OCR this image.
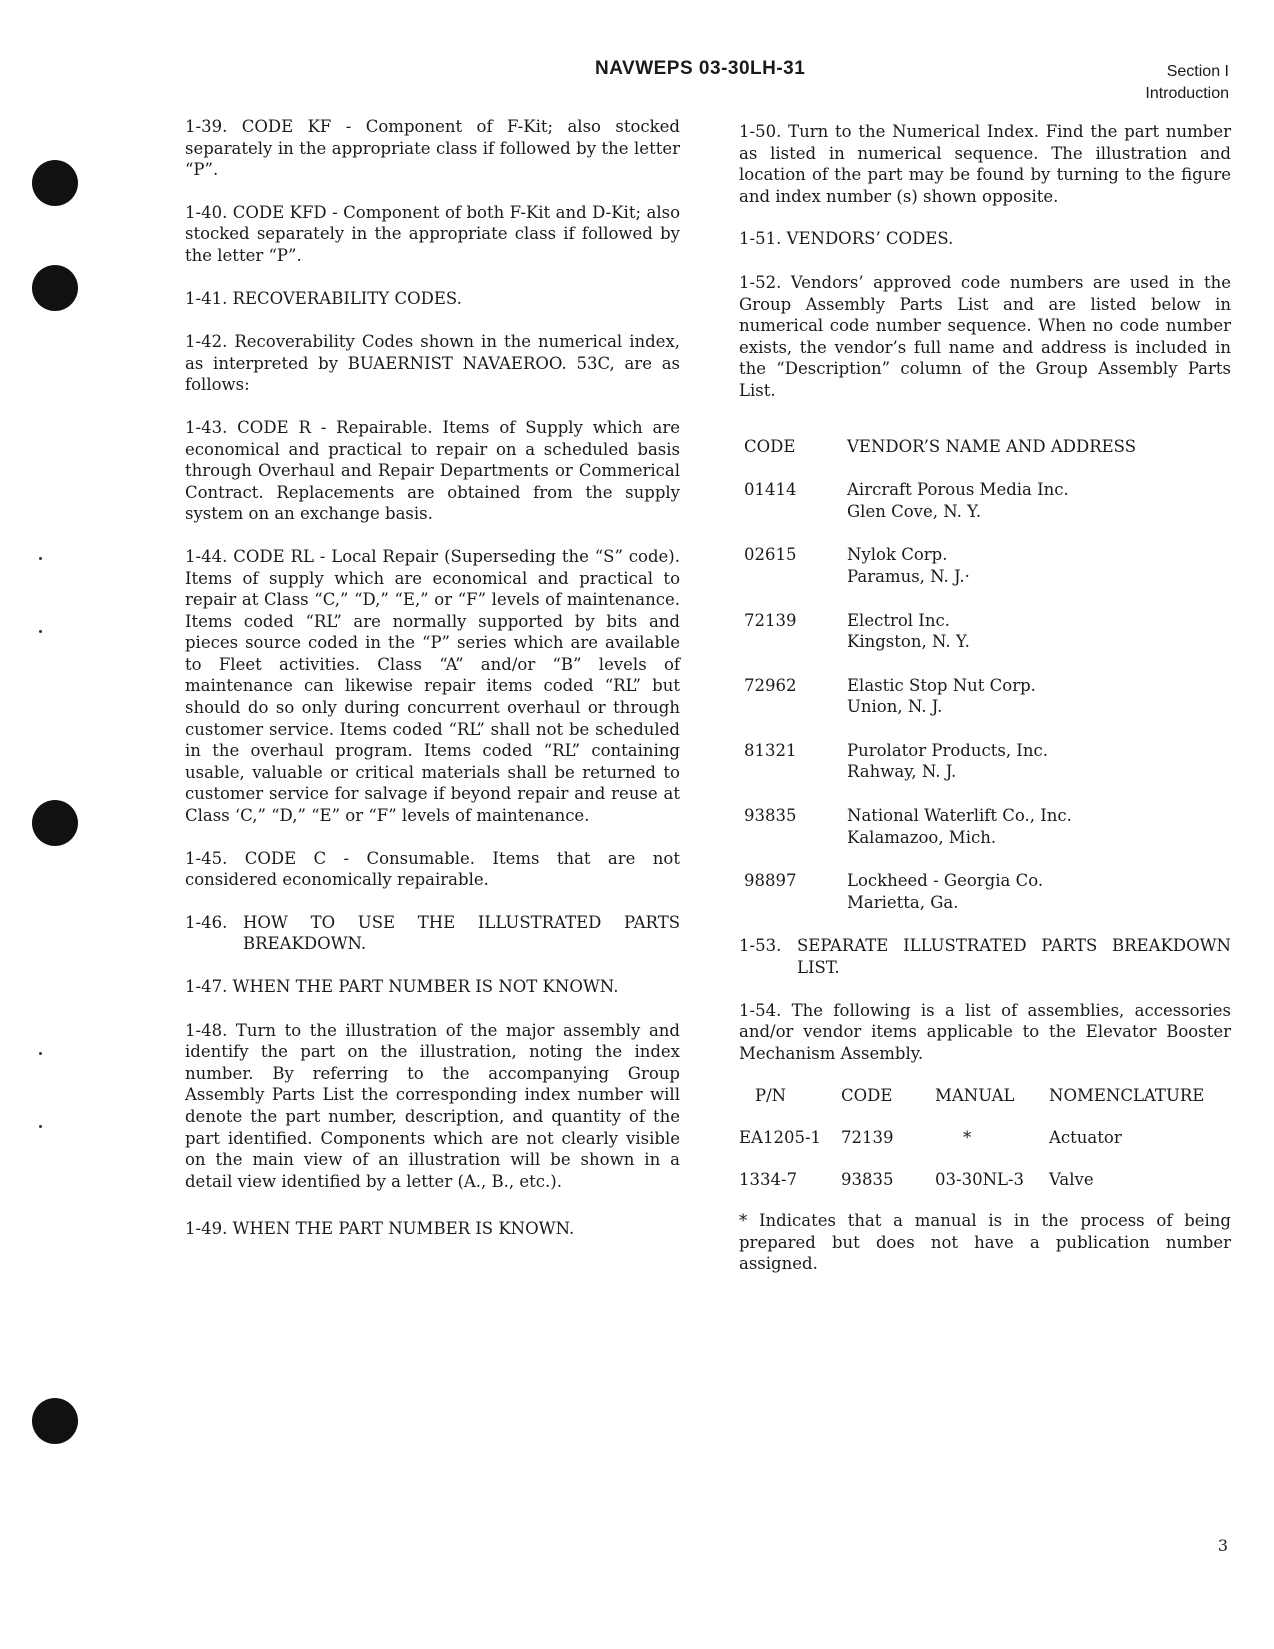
NAVWEPS 03-30LH-31	Section I
Introduction

1-39. CODE KF - Component of F-Kit; also stocked separately in the appropriate class if followed by the letter “P”.

1-40. CODE KFD - Component of both F-Kit and D-Kit; also stocked separately in the appropriate class if followed by the letter “P”.

1-41. RECOVERABILITY CODES.

1-42. Recoverability Codes shown in the numerical index, as interpreted by BUAERNIST NAVAEROO. 53C, are as follows:

1-43. CODE R - Repairable. Items of Supply which are economical and practical to repair on a scheduled basis through Overhaul and Repair Departments or Commerical Contract. Replacements are obtained from the supply system on an exchange basis.

1-44. CODE RL - Local Repair (Superseding the “S” code). Items of supply which are economical and practical to repair at Class “C,” “D,” “E,” or “F” levels of maintenance. Items coded “RL” are normally supported by bits and pieces source coded in the “P” series which are available to Fleet activities. Class “A” and/or “B” levels of maintenance can likewise repair items coded “RL” but should do so only during concurrent overhaul or through customer service. Items coded “RL” shall not be scheduled in the overhaul program. Items coded “RL” containing usable, valuable or critical materials shall be returned to customer service for salvage if beyond repair and reuse at Class ‘C,” “D,” “E” or “F” levels of maintenance.

1-45. CODE C - Consumable. Items that are not considered economically repairable.

1-46. HOW TO USE THE ILLUSTRATED PARTS BREAKDOWN.

1-47. WHEN THE PART NUMBER IS NOT KNOWN.

1-48. Turn to the illustration of the major assembly and identify the part on the illustration, noting the index number. By referring to the accompanying Group Assembly Parts List the corresponding index number will denote the part number, description, and quantity of the part identified. Components which are not clearly visible on the main view of an illustration will be shown in a detail view identified by a letter (A., B., etc.).

1-49. WHEN THE PART NUMBER IS KNOWN.

1-50. Turn to the Numerical Index. Find the part number as listed in numerical sequence. The illustration and location of the part may be found by turning to the figure and index number (s) shown opposite.

1-51. VENDORS’ CODES.

1-52. Vendors’ approved code numbers are used in the Group Assembly Parts List and are listed below in numerical code number sequence. When no code number exists, the vendor’s full name and address is included in the “Description” column of the Group Assembly Parts List.

CODE	VENDOR’S NAME AND ADDRESS
01414	Aircraft Porous Media Inc.
Glen Cove, N. Y.
02615	Nylok Corp.
Paramus, N. J.·
72139	Electrol Inc.
Kingston, N. Y.
72962	Elastic Stop Nut Corp.
Union, N. J.
81321	Purolator Products, Inc.
Rahway, N. J.
93835	National Waterlift Co., Inc.
Kalamazoo, Mich.
98897	Lockheed - Georgia Co.
Marietta, Ga.
1-53. SEPARATE ILLUSTRATED PARTS BREAKDOWN LIST.

1-54. The following is a list of assemblies, accessories and/or vendor items applicable to the Elevator Booster Mechanism Assembly.

P/N	CODE	MANUAL	NOMENCLATURE
EA1205-1	72139	*	Actuator
1334-7	93835	03-30NL-3	Valve

* Indicates that a manual is in the process of being prepared but does not have a publication number assigned.

3
